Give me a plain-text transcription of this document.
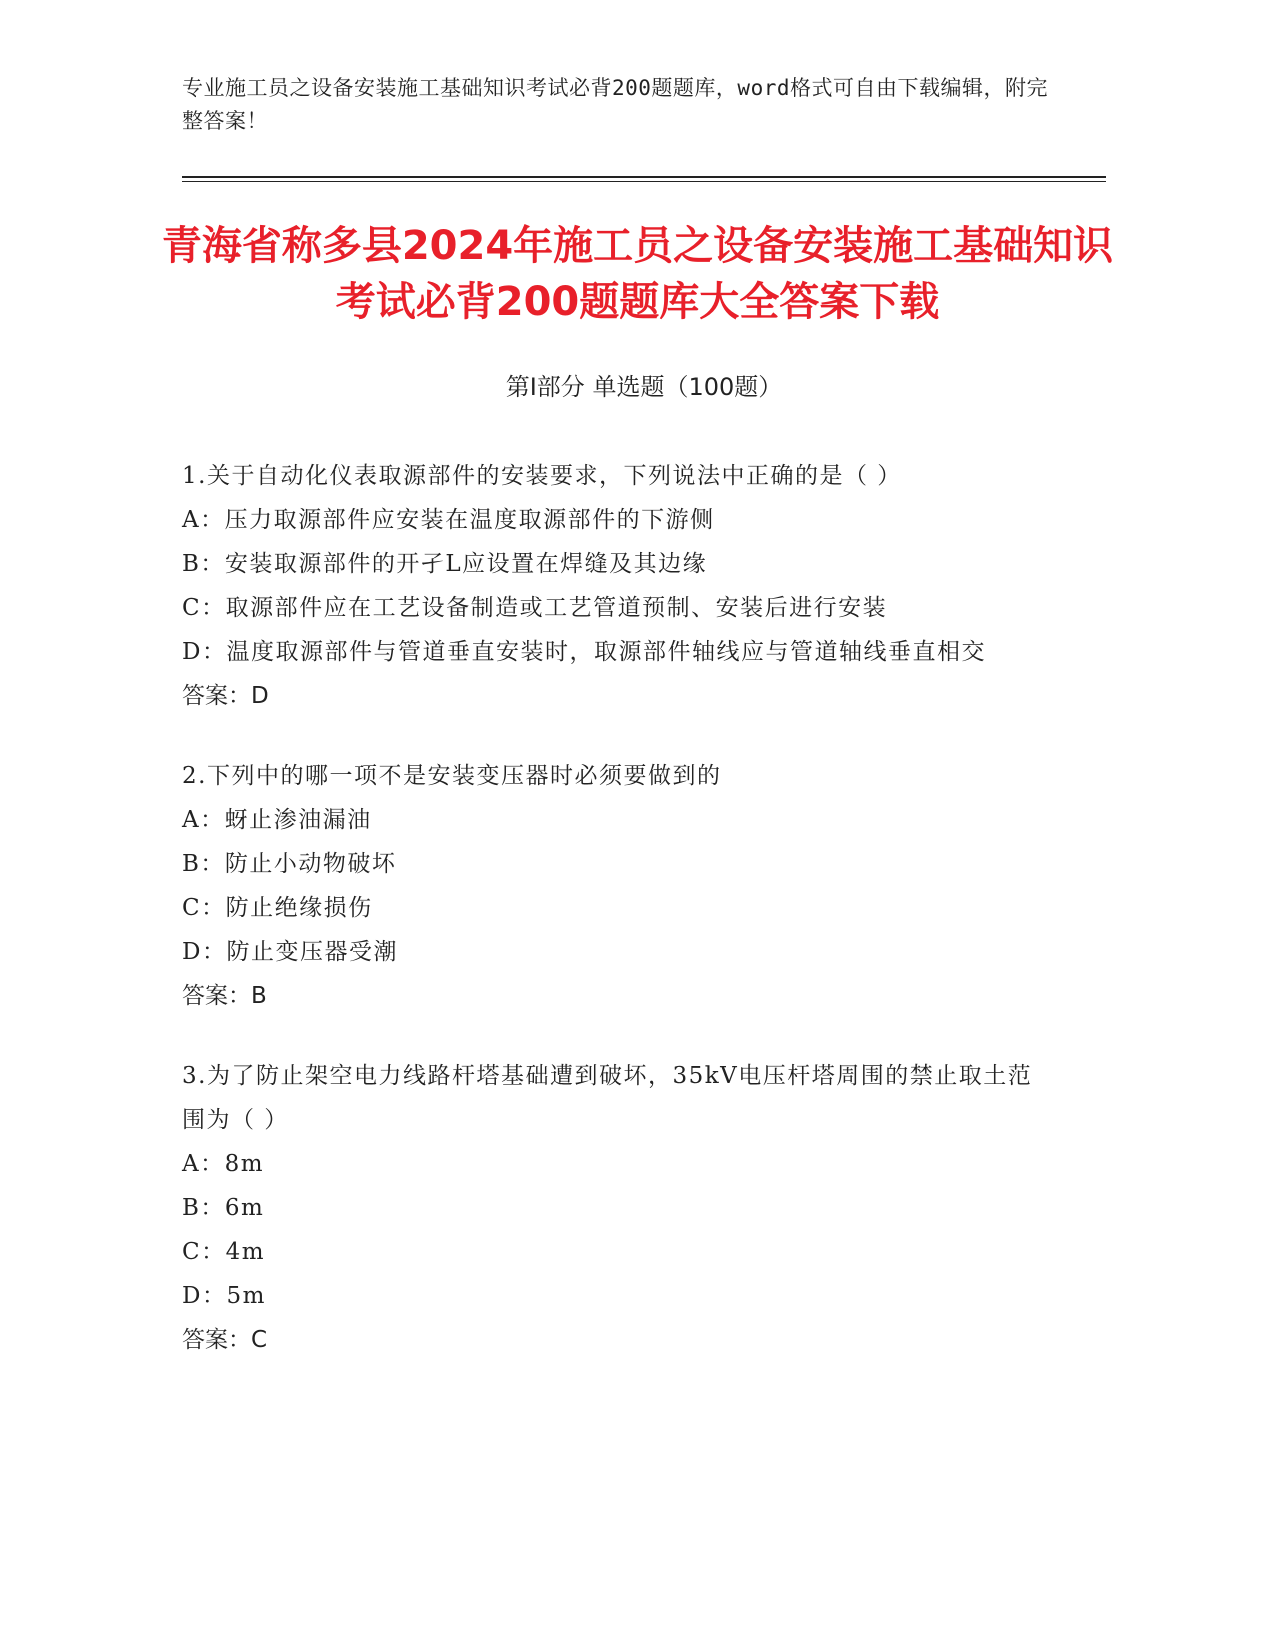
专业施工员之设备安装施工基础知识考试必背200题题库，word格式可自由下载编辑，附完整答案！
青海省称多县2024年施工员之设备安装施工基础知识考试必背200题题库大全答案下载
第Ⅰ部分 单选题（100题）
1.关于自动化仪表取源部件的安装要求，下列说法中正确的是（ ）
A：压力取源部件应安装在温度取源部件的下游侧
B：安装取源部件的开孑L应设置在焊缝及其边缘
C：取源部件应在工艺设备制造或工艺管道预制、安装后进行安装
D：温度取源部件与管道垂直安装时，取源部件轴线应与管道轴线垂直相交
答案：D
2.下列中的哪一项不是安装变压器时必须要做到的
A：蚜止渗油漏油
B：防止小动物破坏
C：防止绝缘损伤
D：防止变压器受潮
答案：B
3.为了防止架空电力线路杆塔基础遭到破坏，35kV电压杆塔周围的禁止取土范围为（ ）
A：8m
B：6m
C：4m
D：5m
答案：C
